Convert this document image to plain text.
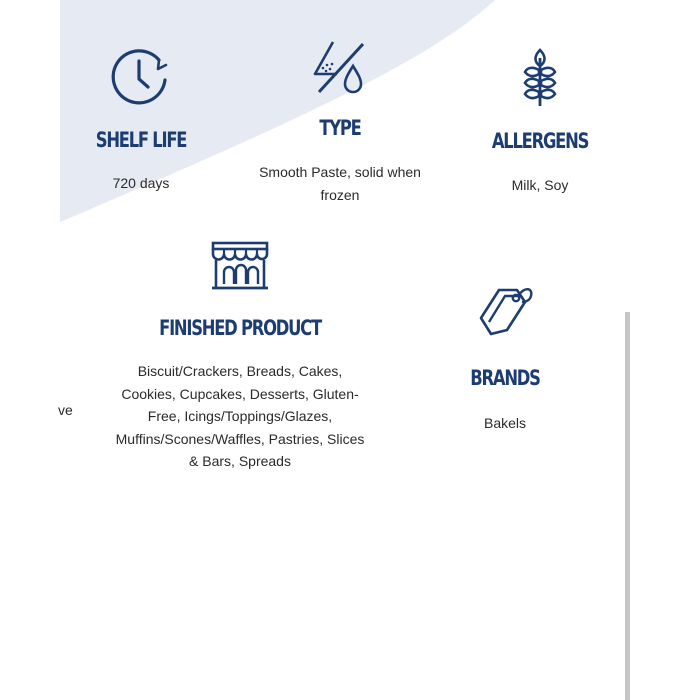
ve
SHELF LIFE
720 days
TYPE
Smooth Paste, solid when
frozen
ALLERGENS
Milk, Soy
FINISHED PRODUCT
Biscuit/Crackers, Breads, Cakes,
Cookies, Cupcakes, Desserts, Gluten-
Free, Icings/Toppings/Glazes,
Muffins/Scones/Waffles, Pastries, Slices
& Bars, Spreads
BRANDS
Bakels
